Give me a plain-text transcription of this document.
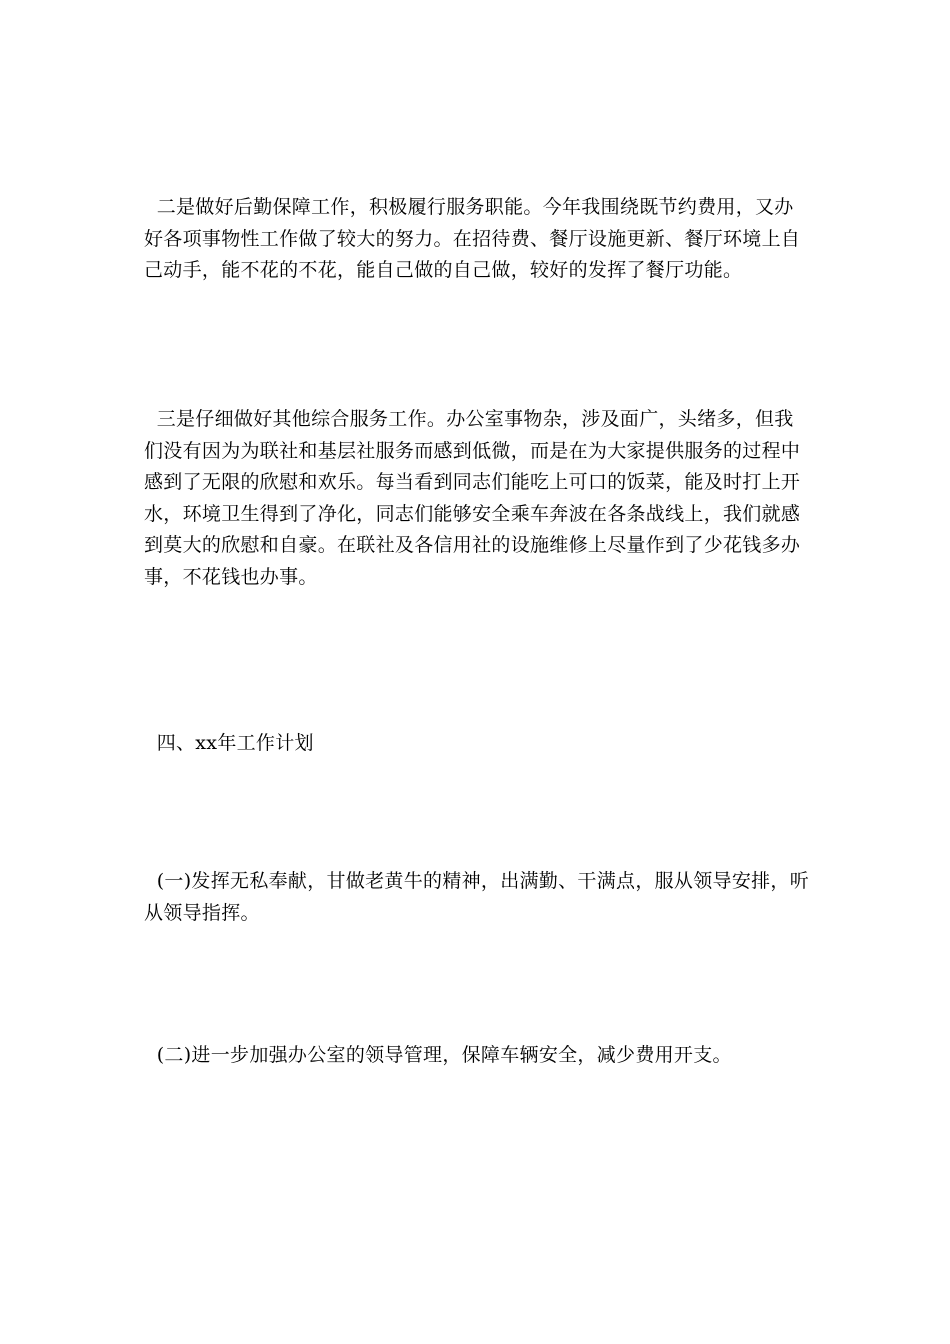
二是做好后勤保障工作，积极履行服务职能。今年我围绕既节约费用，又办好各项事物性工作做了较大的努力。在招待费、餐厅设施更新、餐厅环境上自己动手，能不花的不花，能自己做的自己做，较好的发挥了餐厅功能。

三是仔细做好其他综合服务工作。办公室事物杂，涉及面广，头绪多，但我们没有因为为联社和基层社服务而感到低微，而是在为大家提供服务的过程中感到了无限的欣慰和欢乐。每当看到同志们能吃上可口的饭菜，能及时打上开水，环境卫生得到了净化，同志们能够安全乘车奔波在各条战线上，我们就感到莫大的欣慰和自豪。在联社及各信用社的设施维修上尽量作到了少花钱多办事，不花钱也办事。

四、xx年工作计划

(一)发挥无私奉献，甘做老黄牛的精神，出满勤、干满点，服从领导安排，听从领导指挥。

(二)进一步加强办公室的领导管理，保障车辆安全，减少费用开支。
